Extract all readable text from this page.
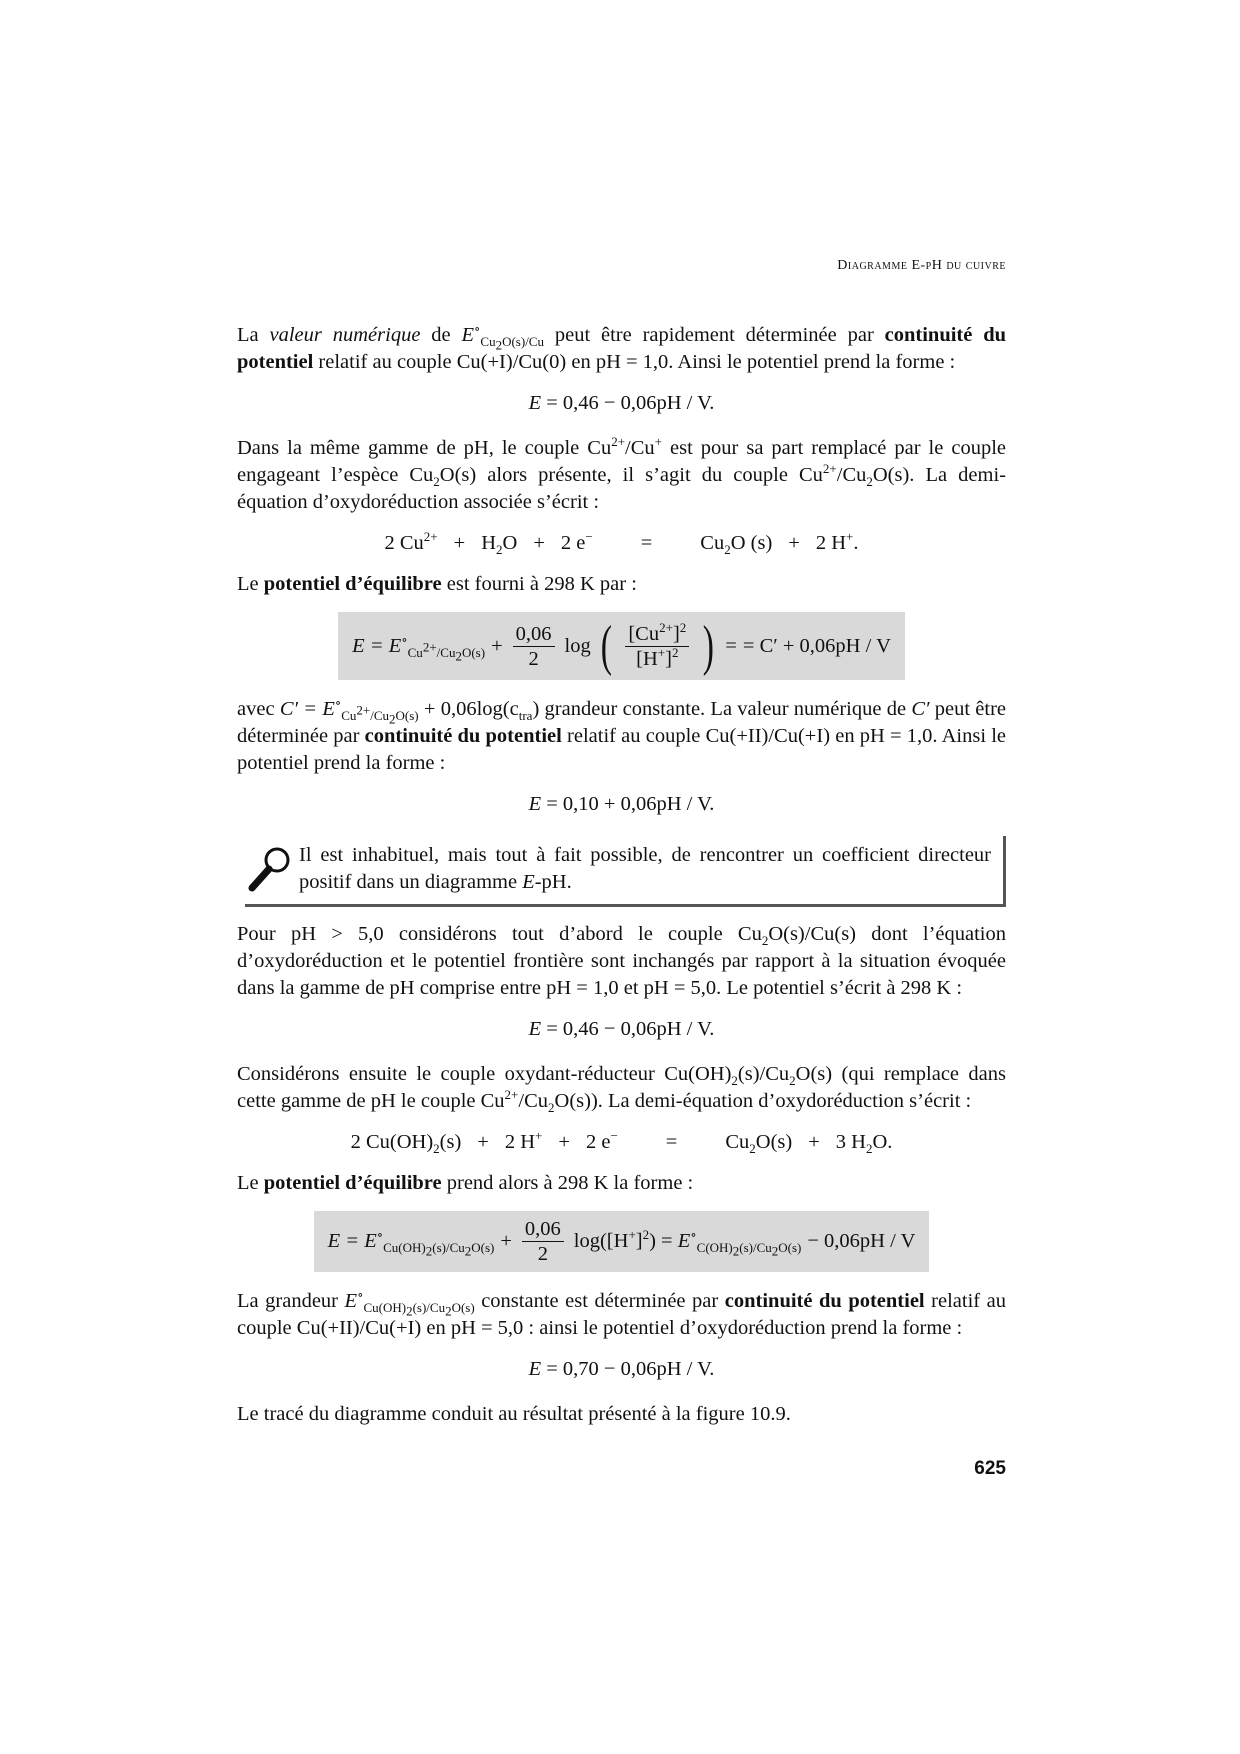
Diagramme E-pH du cuivre

La valeur numérique de $E^\circ_{Cu_2O(s)/Cu}$ peut être rapidement déterminée par continuité du potentiel relatif au couple Cu(+I)/Cu(0) en pH = 1,0. Ainsi le potentiel prend la forme :

E = 0,46 − 0,06pH / V.

Dans la même gamme de pH, le couple $Cu^{2+}/Cu^+$ est pour sa part remplacé par le couple engageant l’espèce $Cu_2O(s)$ alors présente, il s’agit du couple $Cu^{2+}/Cu_2O(s)$. La demi-équation d’oxydoréduction associée s’écrit :

2 $Cu^{2+} + H_2O + 2$ $e^- = Cu_2O$ (s) + 2 H+.

Le potentiel d’équilibre est fourni à 298 K par :

$E = E^\circ_{Cu^{2+}/Cu_2O(s)} + \frac{0,06}{2}$ log ( $\frac{[Cu^{2+}]^2}{[H^+]^2}$ ) = = C′ + 0,06pH / V

avec $C' = E^\circ_{Cu^{2+}/Cu_2O(s)} + 0,06\log(c_{tra})$ grandeur constante. La valeur numérique de C′ peut être déterminée par continuité du potentiel relatif au couple Cu(+II)/Cu(+I) en pH = 1,0. Ainsi le potentiel prend la forme :

E = 0,10 + 0,06pH / V.
Il est inhabituel, mais tout à fait possible, de rencontrer un coefficient directeur positif dans un diagramme E-pH.

Pour pH > 5,0 considérons tout d’abord le couple $Cu_2O(s)/Cu(s)$ dont l’équation d’oxydoréduction et le potentiel frontière sont inchangés par rapport à la situation évoquée dans la gamme de pH comprise entre pH = 1,0 et pH = 5,0. Le potentiel s’écrit à 298 K :

E = 0,46 − 0,06pH / V.

Considérons ensuite le couple oxydant-réducteur $Cu(OH)_2(s)/Cu_2O(s)$ (qui remplace dans cette gamme de pH le couple $Cu^{2+}/Cu_2O(s)$). La demi-équation d’oxydoréduction s’écrit :

2 $Cu(OH)_2(s) + 2$ H+ + 2 $e^- = Cu_2O(s) + 3$ $H_2O$.

Le potentiel d’équilibre prend alors à 298 K la forme :

$E = E^\circ_{Cu(OH)_2(s)/Cu_2O(s)} + \frac{0,06}{2} \log([H^+]^2) = E^\circ_{C(OH)_2(s)/Cu_2O(s)} - 0,06pH / V$

La grandeur $E^\circ_{Cu(OH)_2(s)/Cu_2O(s)}$ constante est déterminée par continuité du potentiel relatif au couple Cu(+II)/Cu(+I) en pH = 5,0 : ainsi le potentiel d’oxydoréduction prend la forme :

E = 0,70 − 0,06pH / V.

Le tracé du diagramme conduit au résultat présenté à la figure 10.9.

625
